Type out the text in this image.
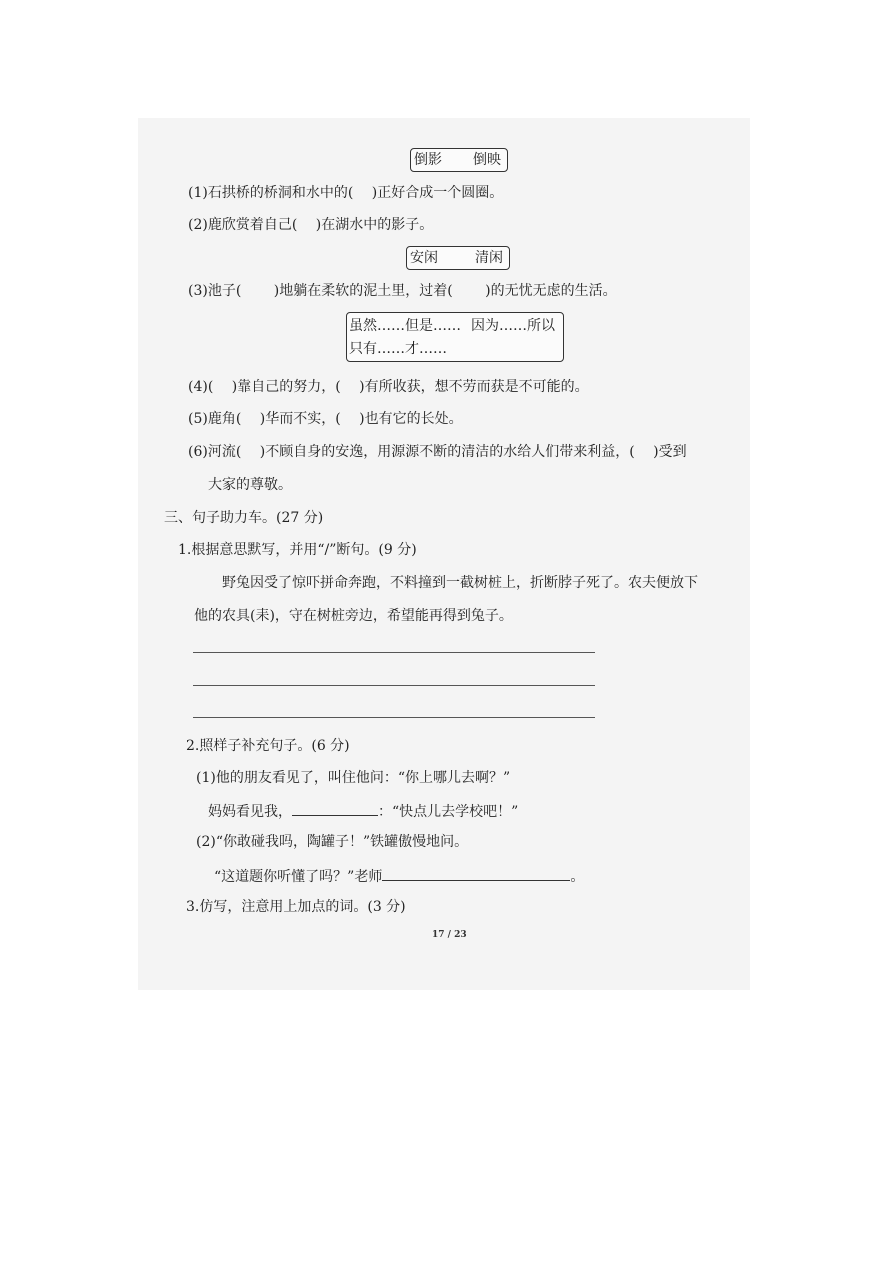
倒影 倒映
(1)石拱桥的桥洞和水中的(　 )正好合成一个圆圈。
(2)鹿欣赏着自己(　 )在湖水中的影子。
安闲	清闲
(3)池子(　　 )地躺在柔软的泥土里，过着(　　 )的无忧无虑的生活。
虽然……但是…… 因为……所以
只有……才……
(4)(　 )靠自己的努力，(　 )有所收获，想不劳而获是不可能的。
(5)鹿角(　 )华而不实，(　 )也有它的长处。
(6)河流(　 )不顾自身的安逸，用源源不断的清洁的水给人们带来利益，(　 )受到
大家的尊敬。
三、句子助力车。(27 分)
1.根据意思默写，并用“/”断句。(9 分)
野兔因受了惊吓拼命奔跑，不料撞到一截树桩上，折断脖子死了。农夫便放下
他的农具(耒)，守在树桩旁边，希望能再得到兔子。
2.照样子补充句子。(6 分)
(1)他的朋友看见了，叫住他问：“你上哪儿去啊？”
妈妈看见我，	：“快点儿去学校吧！”
(2)“你敢碰我吗，陶罐子！”铁罐傲慢地问。
“这道题你听懂了吗？”老师	。
3.仿写，注意用上加点的词。(3 分)
17 / 23
